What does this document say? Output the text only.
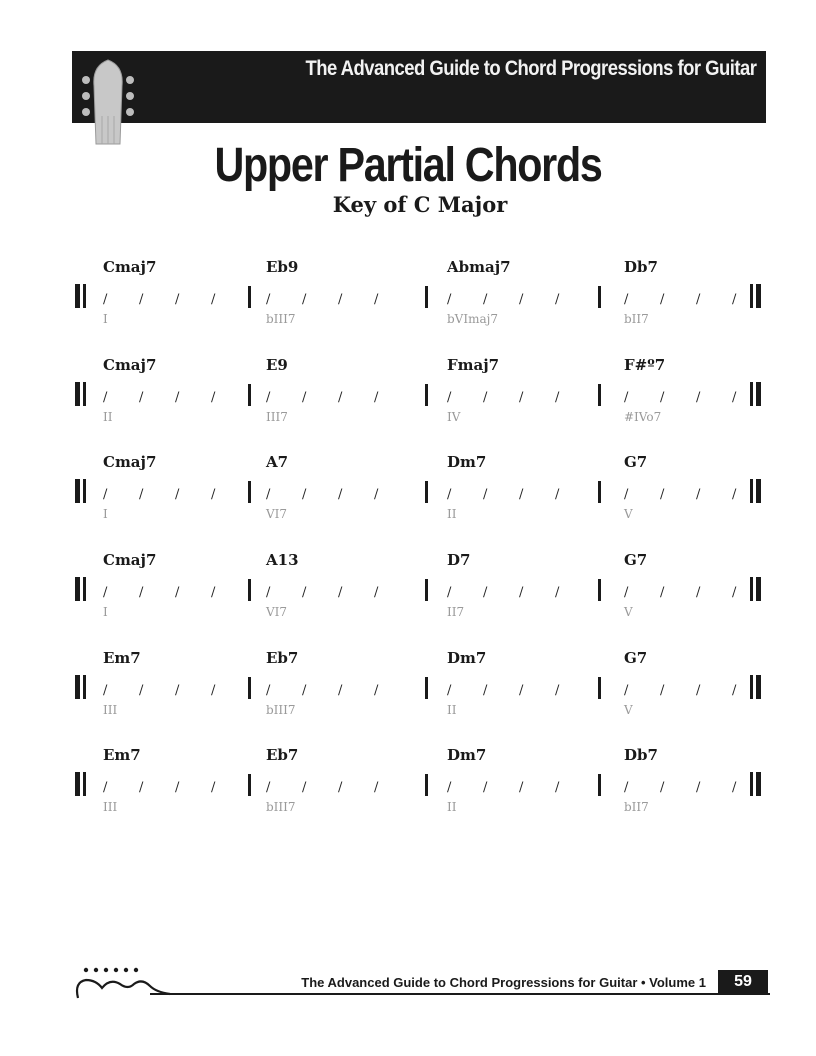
The Advanced Guide to Chord Progressions for Guitar
Upper Partial Chords
Key of C Major
Cmaj7
/	/	/	/
I
Eb9
/	/	/	/
bIII7
Abmaj7
/	/	/	/
bVImaj7
Db7
/	/	/	/
bII7
Cmaj7
/	/	/	/
II
E9
/	/	/	/
III7
Fmaj7
/	/	/	/
IV
F#º7
/	/	/	/
#IVo7
Cmaj7
/	/	/	/
I
A7
/	/	/	/
VI7
Dm7
/	/	/	/
II
G7
/	/	/	/
V
Cmaj7
/	/	/	/
I
A13
/	/	/	/
VI7
D7
/	/	/	/
II7
G7
/	/	/	/
V
Em7
/	/	/	/
III
Eb7
/	/	/	/
bIII7
Dm7
/	/	/	/
II
G7
/	/	/	/
V
Em7
/	/	/	/
III
Eb7
/	/	/	/
bIII7
Dm7
/	/	/	/
II
Db7
/	/	/	/
bII7
The Advanced Guide to Chord Progressions for Guitar • Volume 1	59
